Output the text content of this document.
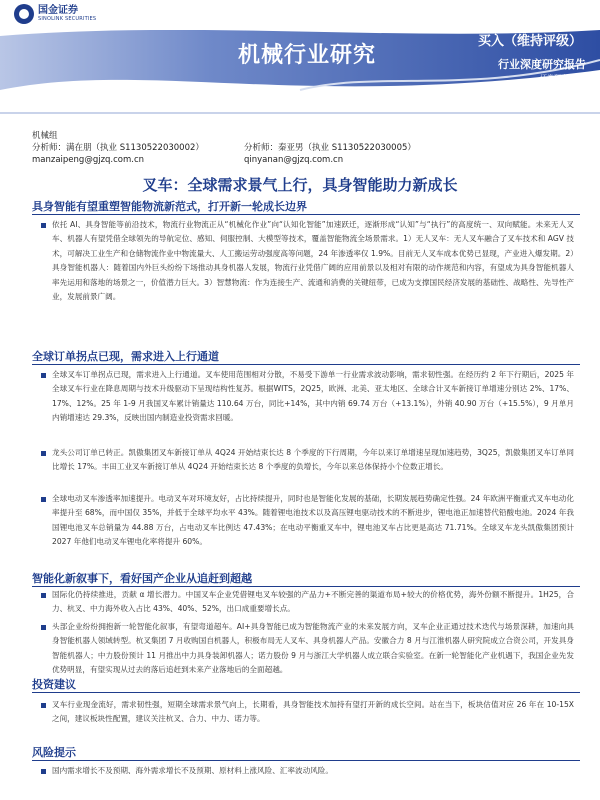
国金证券
SINOLINK SECURITIES
机械行业研究
买入（维持评级）
行业深度研究报告
证券研究报告
机械组
分析师：满在朋（执业 S1130522030002）
manzaipeng@gjzq.com.cn
分析师：秦亚男（执业 S1130522030005）
qinyanan@gjzq.com.cn
叉车：全球需求景气上行，具身智能助力新成长
具身智能有望重塑智能物流新范式，打开新一轮成长边界
依托 AI、具身智能等前沿技术，物流行业物流正从“机械化作业”向“认知化智能”加速跃迁，逐渐形成“认知”与“执行”的高度统一、双向赋能。未来无人叉车、机器人有望凭借全球领先的导航定位、感知、伺服控制、大模型等技术，覆盖智能物流全场景需求。1）无人叉车：无人叉车融合了叉车技术和 AGV 技术，可解决工业生产和仓储物流作业中物流量大、人工搬运劳动强度高等问题，24 年渗透率仅 1.9%。目前无人叉车成本优势已显现，产业进入爆发期。2）具身智能机器人：随着国内外巨头纷纷下场推动具身机器人发展，物流行业凭借广阔的应用前景以及相对有限的动作规范和内容，有望成为具身智能机器人率先运用和落地的场景之一，价值潜力巨大。3）智慧物流：作为连接生产、流通和消费的关键纽带，已成为支撑国民经济发展的基础性、战略性、先导性产业，发展前景广阔。
全球订单拐点已现，需求进入上行通道
全球叉车订单拐点已现，需求进入上行通道。叉车使用范围相对分散，不易受下游单一行业需求波动影响，需求韧性强。在经历约 2 年下行期后，2025 年全球叉车行业在降息周期与技术升级驱动下呈现结构性复苏。根据WITS，2Q25，欧洲、北美、亚太地区、全球合计叉车新接订单增速分别达 2%、17%、17%、12%。25 年 1-9 月我国叉车累计销量达 110.64 万台，同比+14%，其中内销 69.74 万台（+13.1%），外销 40.90 万台（+15.5%），9 月单月内销增速达 29.3%，反映出国内制造业投资需求回暖。
龙头公司订单已转正。凯傲集团叉车新接订单从 4Q24 开始结束长达 8 个季度的下行周期，今年以来订单增速呈现加速趋势，3Q25，凯傲集团叉车订单同比增长 17%。丰田工业叉车新接订单从 4Q24 开始结束长达 8 个季度的负增长，今年以来总体保持小个位数正增长。
全球电动叉车渗透率加速提升。电动叉车对环境友好，占比持续提升，同时也是智能化发展的基础，长期发展趋势确定性强。24 年欧洲平衡重式叉车电动化率提升至 68%，而中国仅 35%，并低于全球平均水平 43%。随着锂电池技术以及高压锂电驱动技术的不断进步，锂电池正加速替代铅酸电池。2024 年我国锂电池叉车总销量为 44.88 万台，占电动叉车比例达 47.43%；在电动平衡重叉车中，锂电池叉车占比更是高达 71.71%。全球叉车龙头凯傲集团预计 2027 年他们电动叉车锂电化率将提升 60%。
智能化新叙事下，看好国产企业从追赶到超越
国际化仍持续推进，贡献 α 增长潜力。中国叉车企业凭借锂电叉车较强的产品力+不断完善的渠道布局+较大的价格优势，海外份额不断提升。1H25，合力、杭叉、中力海外收入占比 43%、40%、52%，出口成重要增长点。
头部企业纷纷拥抱新一轮智能化叙事，有望弯道超车。AI+具身智能已成为智能物流产业的未来发展方向，叉车企业正通过技术迭代与场景深耕，加速向具身智能机器人领域转型。杭叉集团 7 月收购国自机器人，积极布局无人叉车、具身机器人产品。安徽合力 8 月与江淮机器人研究院成立合资公司，开发具身智能机器人；中力股份预计 11 月推出中力具身装卸机器人；诺力股份 9 月与浙江大学机器人成立联合实验室。在新一轮智能化产业机遇下，我国企业先发优势明显，有望实现从过去的落后追赶到未来产业落地后的全面超越。
投资建议
叉车行业现金流好，需求韧性强，短期全球需求景气向上，长期看，具身智能技术加持有望打开新的成长空间。站在当下，板块估值对应 26 年在 10-15X 之间，建议板块性配置，建议关注杭叉、合力、中力、诺力等。
风险提示
国内需求增长不及预期、海外需求增长不及预期、原材料上涨风险、汇率波动风险。
